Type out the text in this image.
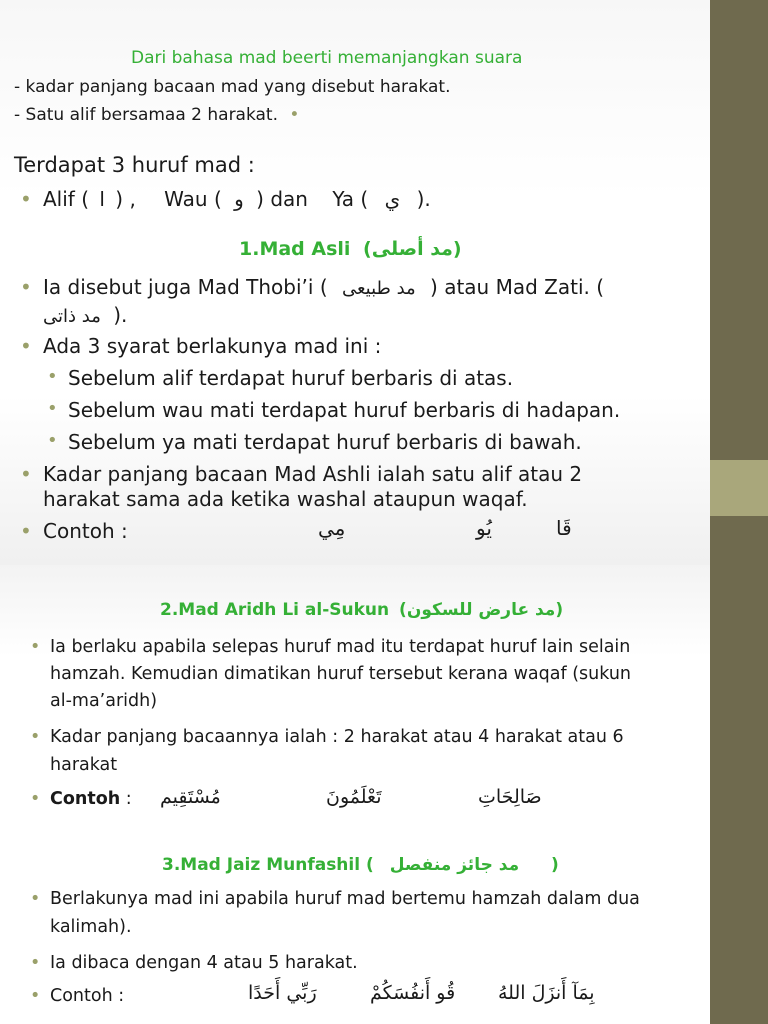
Dari bahasa mad beerti memanjangkan suara
- kadar panjang bacaan mad yang disebut harakat.
- Satu alif bersamaa 2 harakat. •
Terdapat 3 huruf mad :
• Alif ( ا ) , Wau ( و ) dan Ya ( ي ).
1.Mad Asli (مد أصلى)
• Ia disebut juga Mad Thobi’i ( مد طبيعى ) atau Mad Zati. (
مد ذاتى ).
• Ada 3 syarat berlakunya mad ini :
• Sebelum alif terdapat huruf berbaris di atas.
• Sebelum wau mati terdapat huruf berbaris di hadapan.
• Sebelum ya mati terdapat huruf berbaris di bawah.
• Kadar panjang bacaan Mad Ashli ialah satu alif atau 2
harakat sama ada ketika washal ataupun waqaf.
• Contoh :	مِي	يُو	قَا
2.Mad Aridh Li al-Sukun (مد عارض للسكون)
• Ia berlaku apabila selepas huruf mad itu terdapat huruf lain selain
hamzah. Kemudian dimatikan huruf tersebut kerana waqaf (sukun
al-ma’aridh)
• Kadar panjang bacaannya ialah : 2 harakat atau 4 harakat atau 6
harakat
• Contoh : مُسْتَقِيم	تَعْلَمُونَ	صَالِحَاتِ
3.Mad Jaiz Munfashil ( مد جائز منفصل )
• Berlakunya mad ini apabila huruf mad bertemu hamzah dalam dua
kalimah).
• Ia dibaca dengan 4 atau 5 harakat.
• Contoh :	رَبِّي أَحَدًا	قُو أَنفُسَكُمْ بِمَآ أَنزَلَ اللهُ
